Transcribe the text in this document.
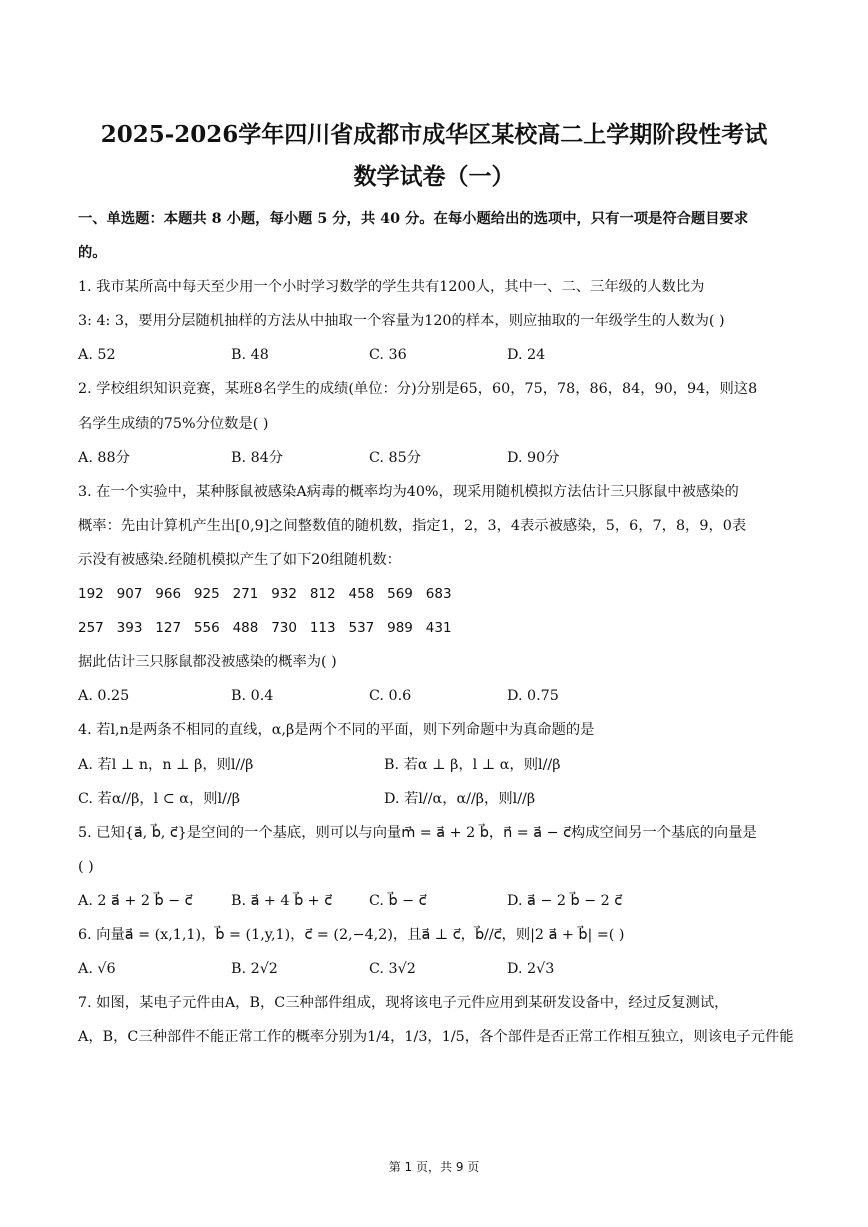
2025-2026学年四川省成都市成华区某校高二上学期阶段性考试
数学试卷（一）
一、单选题：本题共 8 小题，每小题 5 分，共 40 分。在每小题给出的选项中，只有一项是符合题目要求
的。
1. 我市某所高中每天至少用一个小时学习数学的学生共有1200人，其中一、二、三年级的人数比为
3: 4: 3，要用分层随机抽样的方法从中抽取一个容量为120的样本，则应抽取的一年级学生的人数为( )
A. 52	B. 48	C. 36	D. 24
2. 学校组织知识竞赛，某班8名学生的成绩(单位：分)分别是65，60，75，78，86，84，90，94，则这8
名学生成绩的75%分位数是( )
A. 88分	B. 84分	C. 85分	D. 90分
3. 在一个实验中，某种豚鼠被感染A病毒的概率均为40%，现采用随机模拟方法估计三只豚鼠中被感染的
概率：先由计算机产生出[0,9]之间整数值的随机数，指定1，2，3，4表示被感染，5，6，7，8，9，0表
示没有被感染.经随机模拟产生了如下20组随机数：
192   907   966   925   271   932   812   458   569   683
257   393   127   556   488   730   113   537   989   431
据此估计三只豚鼠都没被感染的概率为( )
A. 0.25	B. 0.4	C. 0.6	D. 0.75
4. 若l,n是两条不相同的直线，α,β是两个不同的平面，则下列命题中为真命题的是
A. 若l ⊥ n，n ⊥ β，则l//β	B. 若α ⊥ β，l ⊥ α，则l//β
C. 若α//β，l ⊂ α，则l//β	D. 若l//α，α//β，则l//β
5. 已知{a⃗, b⃗, c⃗}是空间的一个基底，则可以与向量m⃗ = a⃗ + 2 b⃗，n⃗ = a⃗ − c⃗构成空间另一个基底的向量是
( )
A. 2 a⃗ + 2 b⃗ − c⃗	B. a⃗ + 4 b⃗ + c⃗	C. b⃗ − c⃗	D. a⃗ − 2 b⃗ − 2 c⃗
6. 向量a⃗ = (x,1,1)，b⃗ = (1,y,1)，c⃗ = (2,−4,2)，且a⃗ ⊥ c⃗，b⃗//c⃗，则|2 a⃗ + b⃗| =( )
A. √6	B. 2√2	C. 3√2	D. 2√3
7. 如图，某电子元件由A，B，C三种部件组成，现将该电子元件应用到某研发设备中，经过反复测试，
A，B，C三种部件不能正常工作的概率分别为1/4，1/3，1/5，各个部件是否正常工作相互独立，则该电子元件能
第 1 页，共 9 页
